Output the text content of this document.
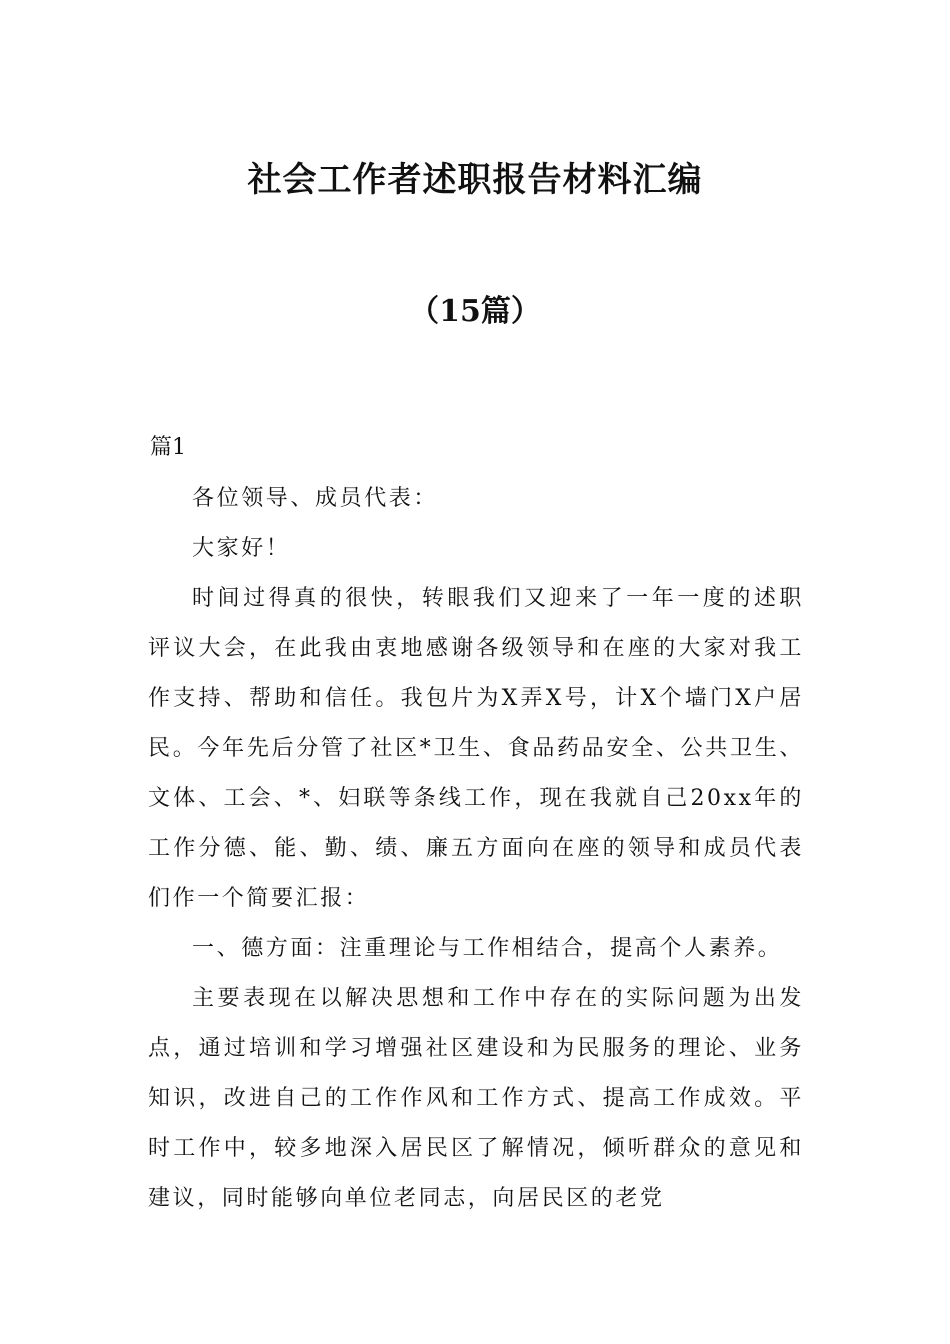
社会工作者述职报告材料汇编
（15篇）
篇1

各位领导、成员代表：

大家好！

时间过得真的很快，转眼我们又迎来了一年一度的述职评议大会，在此我由衷地感谢各级领导和在座的大家对我工作支持、帮助和信任。我包片为X弄X号，计X个墙门X户居民。今年先后分管了社区*卫生、食品药品安全、公共卫生、文体、工会、*、妇联等条线工作，现在我就自己20xx年的工作分德、能、勤、绩、廉五方面向在座的领导和成员代表们作一个简要汇报：

一、德方面：注重理论与工作相结合，提高个人素养。

主要表现在以解决思想和工作中存在的实际问题为出发点，通过培训和学习增强社区建设和为民服务的理论、业务知识，改进自己的工作作风和工作方式、提高工作成效。平时工作中，较多地深入居民区了解情况，倾听群众的意见和建议，同时能够向单位老同志，向居民区的老党
